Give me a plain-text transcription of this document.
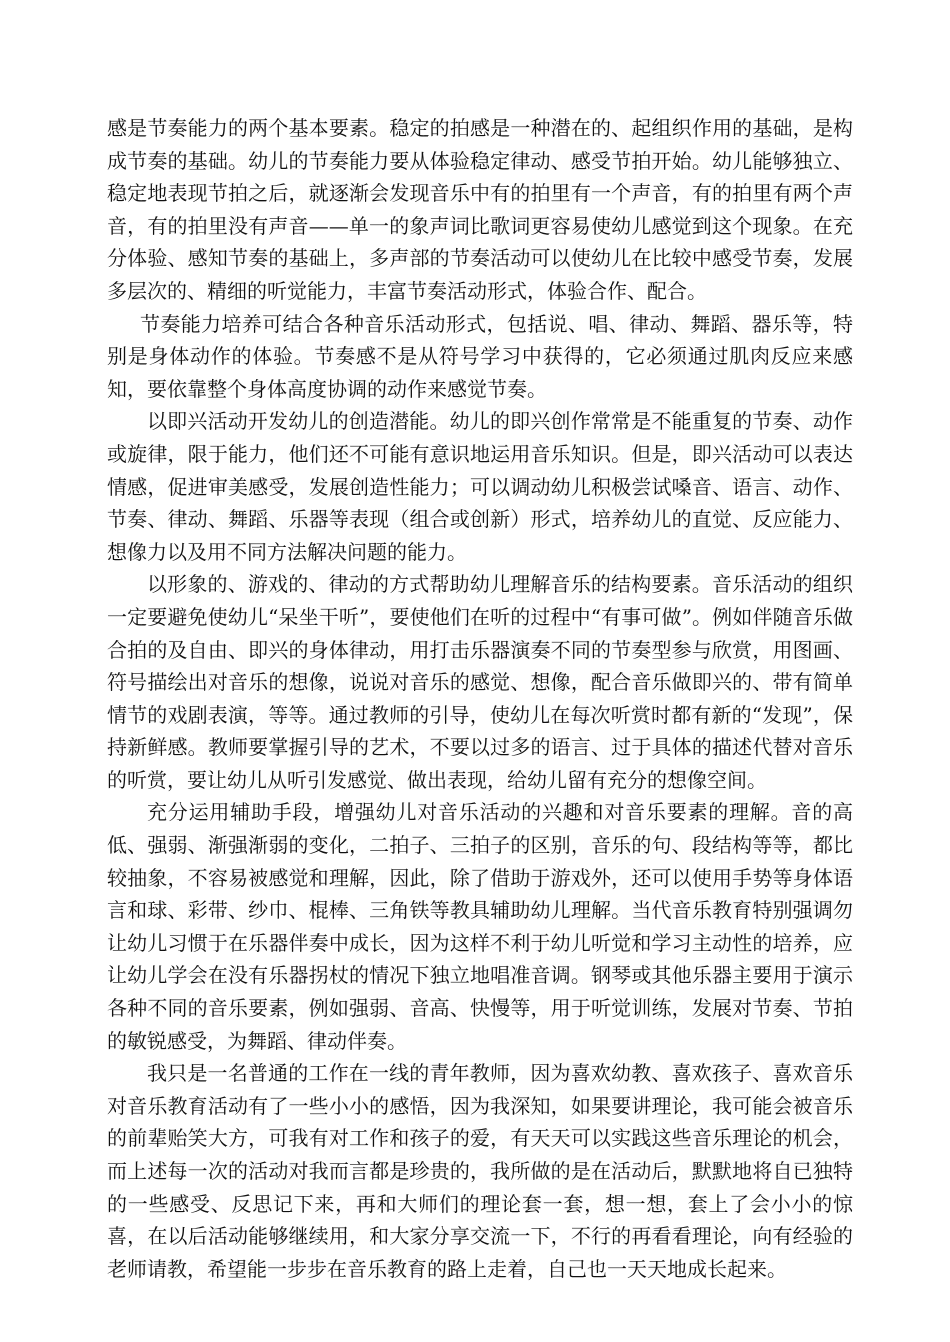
感是节奏能力的两个基本要素。稳定的拍感是一种潜在的、起组织作用的基础，是构成节奏的基础。幼儿的节奏能力要从体验稳定律动、感受节拍开始。幼儿能够独立、稳定地表现节拍之后，就逐渐会发现音乐中有的拍里有一个声音，有的拍里有两个声音，有的拍里没有声音——单一的象声词比歌词更容易使幼儿感觉到这个现象。在充分体验、感知节奏的基础上，多声部的节奏活动可以使幼儿在比较中感受节奏，发展多层次的、精细的听觉能力，丰富节奏活动形式，体验合作、配合。

节奏能力培养可结合各种音乐活动形式，包括说、唱、律动、舞蹈、器乐等，特别是身体动作的体验。节奏感不是从符号学习中获得的，它必须通过肌肉反应来感知，要依靠整个身体高度协调的动作来感觉节奏。

以即兴活动开发幼儿的创造潜能。幼儿的即兴创作常常是不能重复的节奏、动作或旋律，限于能力，他们还不可能有意识地运用音乐知识。但是，即兴活动可以表达情感，促进审美感受，发展创造性能力；可以调动幼儿积极尝试嗓音、语言、动作、节奏、律动、舞蹈、乐器等表现（组合或创新）形式，培养幼儿的直觉、反应能力、想像力以及用不同方法解决问题的能力。

以形象的、游戏的、律动的方式帮助幼儿理解音乐的结构要素。音乐活动的组织一定要避免使幼儿“呆坐干听”，要使他们在听的过程中“有事可做”。例如伴随音乐做合拍的及自由、即兴的身体律动，用打击乐器演奏不同的节奏型参与欣赏，用图画、符号描绘出对音乐的想像，说说对音乐的感觉、想像，配合音乐做即兴的、带有简单情节的戏剧表演，等等。通过教师的引导，使幼儿在每次听赏时都有新的“发现”，保持新鲜感。教师要掌握引导的艺术，不要以过多的语言、过于具体的描述代替对音乐的听赏，要让幼儿从听引发感觉、做出表现，给幼儿留有充分的想像空间。

充分运用辅助手段，增强幼儿对音乐活动的兴趣和对音乐要素的理解。音的高低、强弱、渐强渐弱的变化，二拍子、三拍子的区别，音乐的句、段结构等等，都比较抽象，不容易被感觉和理解，因此，除了借助于游戏外，还可以使用手势等身体语言和球、彩带、纱巾、棍棒、三角铁等教具辅助幼儿理解。当代音乐教育特别强调勿让幼儿习惯于在乐器伴奏中成长，因为这样不利于幼儿听觉和学习主动性的培养，应让幼儿学会在没有乐器拐杖的情况下独立地唱准音调。钢琴或其他乐器主要用于演示各种不同的音乐要素，例如强弱、音高、快慢等，用于听觉训练，发展对节奏、节拍的敏锐感受，为舞蹈、律动伴奏。

我只是一名普通的工作在一线的青年教师，因为喜欢幼教、喜欢孩子、喜欢音乐对音乐教育活动有了一些小小的感悟，因为我深知，如果要讲理论，我可能会被音乐的前辈贻笑大方，可我有对工作和孩子的爱，有天天可以实践这些音乐理论的机会，而上述每一次的活动对我而言都是珍贵的，我所做的是在活动后，默默地将自已独特的一些感受、反思记下来，再和大师们的理论套一套，想一想，套上了会小小的惊喜，在以后活动能够继续用，和大家分享交流一下，不行的再看看理论，向有经验的老师请教，希望能一步步在音乐教育的路上走着，自己也一天天地成长起来。
